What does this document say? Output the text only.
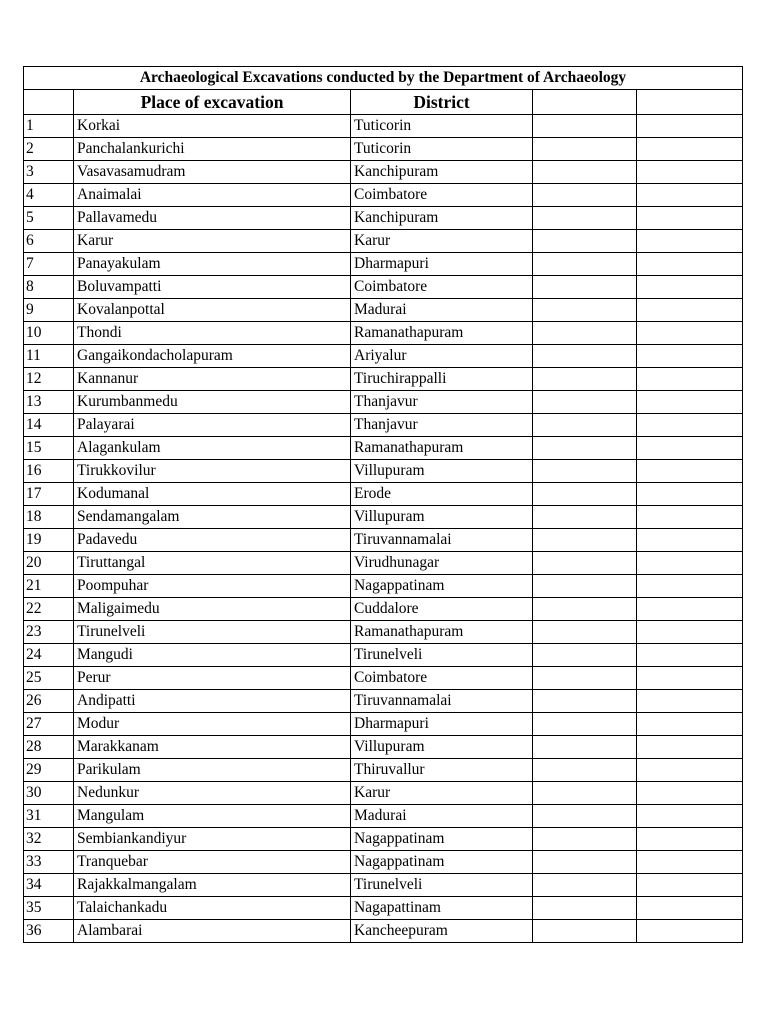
Archaeological Excavations conducted by the Department of Archaeology				
	Place of excavation	District		
1	Korkai	Tuticorin		
2	Panchalankurichi	Tuticorin		
3	Vasavasamudram	Kanchipuram		
4	Anaimalai	Coimbatore		
5	Pallavamedu	Kanchipuram		
6	Karur	Karur		
7	Panayakulam	Dharmapuri		
8	Boluvampatti	Coimbatore		
9	Kovalanpottal	Madurai		
10	Thondi	Ramanathapuram		
11	Gangaikondacholapuram	Ariyalur		
12	Kannanur	Tiruchirappalli		
13	Kurumbanmedu	Thanjavur		
14	Palayarai	Thanjavur		
15	Alagankulam	Ramanathapuram		
16	Tirukkovilur	Villupuram		
17	Kodumanal	Erode		
18	Sendamangalam	Villupuram		
19	Padavedu	Tiruvannamalai		
20	Tiruttangal	Virudhunagar		
21	Poompuhar	Nagappatinam		
22	Maligaimedu	Cuddalore		
23	Tirunelveli	Ramanathapuram		
24	Mangudi	Tirunelveli		
25	Perur	Coimbatore		
26	Andipatti	Tiruvannamalai		
27	Modur	Dharmapuri		
28	Marakkanam	Villupuram		
29	Parikulam	Thiruvallur		
30	Nedunkur	Karur		
31	Mangulam	Madurai		
32	Sembiankandiyur	Nagappatinam		
33	Tranquebar	Nagappatinam		
34	Rajakkalmangalam	Tirunelveli		
35	Talaichankadu	Nagapattinam		
36	Alambarai	Kancheepuram		
